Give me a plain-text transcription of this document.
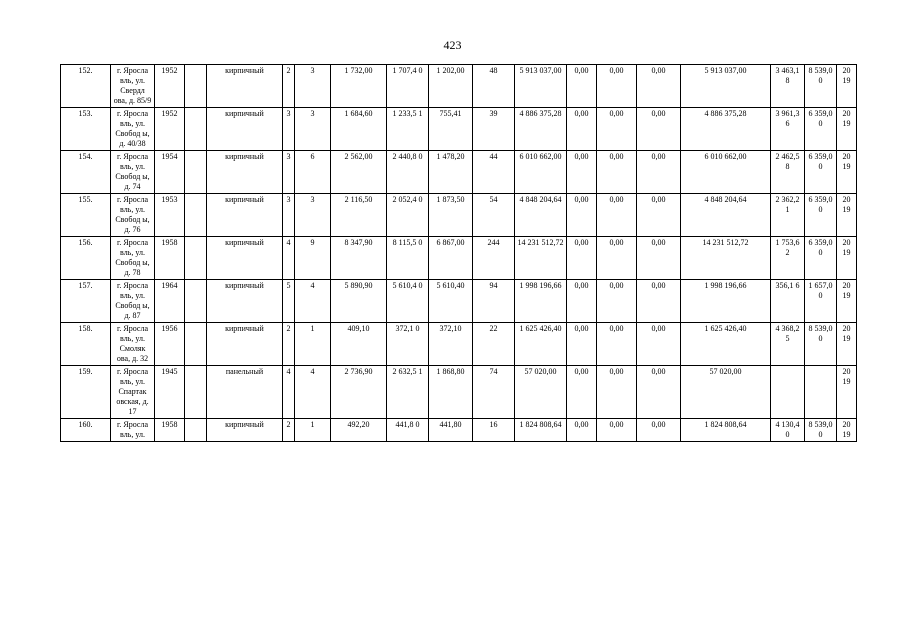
423
152.	г. Яросла вль, ул. Свердл ова, д. 85/9	1952		кирпичный	2	3	1 732,00	1 707,4 0	1 202,00	48	5 913 037,00	0,00	0,00	0,00	5 913 037,00	3 463,1 8	8 539,0 0	20 19
153.	г. Яросла вль, ул. Свобод ы, д. 40/38	1952		кирпичный	3	3	1 684,60	1 233,5 1	755,41	39	4 886 375,28	0,00	0,00	0,00	4 886 375,28	3 961,3 6	6 359,0 0	20 19
154.	г. Яросла вль, ул. Свобод ы, д. 74	1954		кирпичный	3	6	2 562,00	2 440,8 0	1 478,20	44	6 010 662,00	0,00	0,00	0,00	6 010 662,00	2 462,5 8	6 359,0 0	20 19
155.	г. Яросла вль, ул. Свобод ы, д. 76	1953		кирпичный	3	3	2 116,50	2 052,4 0	1 873,50	54	4 848 204,64	0,00	0,00	0,00	4 848 204,64	2 362,2 1	6 359,0 0	20 19
156.	г. Яросла вль, ул. Свобод ы, д. 78	1958		кирпичный	4	9	8 347,90	8 115,5 0	6 867,00	244	14 231 512,72	0,00	0,00	0,00	14 231 512,72	1 753,6 2	6 359,0 0	20 19
157.	г. Яросла вль, ул. Свобод ы, д. 87	1964		кирпичный	5	4	5 890,90	5 610,4 0	5 610,40	94	1 998 196,66	0,00	0,00	0,00	1 998 196,66	356,1 6	1 657,0 0	20 19
158.	г. Яросла вль, ул. Смоляк ова, д. 32	1956		кирпичный	2	1	409,10	372,1 0	372,10	22	1 625 426,40	0,00	0,00	0,00	1 625 426,40	4 368,2 5	8 539,0 0	20 19
159.	г. Яросла вль, ул. Спартак овская, д. 17	1945		панельный	4	4	2 736,90	2 632,5 1	1 868,80	74	57 020,00	0,00	0,00	0,00	57 020,00			20 19
160.	г. Яросла вль, ул.	1958		кирпичный	2	1	492,20	441,8 0	441,80	16	1 824 808,64	0,00	0,00	0,00	1 824 808,64	4 130,4 0	8 539,0 0	20 19
